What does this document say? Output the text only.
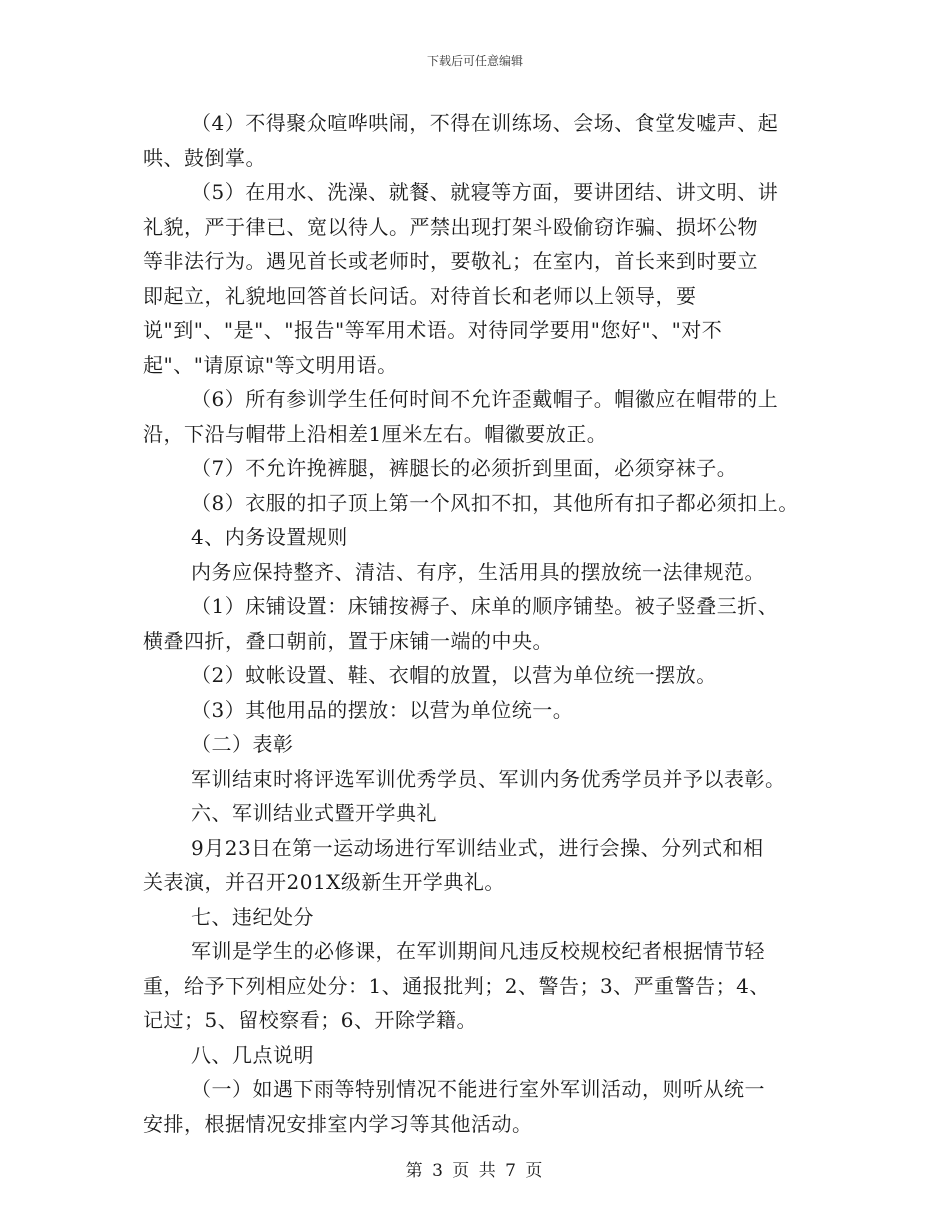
下载后可任意编辑
（4）不得聚众喧哗哄闹，不得在训练场、会场、食堂发嘘声、起
哄、鼓倒掌。
（5）在用水、洗澡、就餐、就寝等方面，要讲团结、讲文明、讲
礼貌，严于律已、宽以待人。严禁出现打架斗殴偷窃诈骗、损坏公物
等非法行为。遇见首长或老师时，要敬礼；在室内，首长来到时要立
即起立，礼貌地回答首长问话。对待首长和老师以上领导，要
说"到"、"是"、"报告"等军用术语。对待同学要用"您好"、"对不
起"、"请原谅"等文明用语。
（6）所有参训学生任何时间不允许歪戴帽子。帽徽应在帽带的上
沿，下沿与帽带上沿相差1厘米左右。帽徽要放正。
（7）不允许挽裤腿，裤腿长的必须折到里面，必须穿袜子。
（8）衣服的扣子顶上第一个风扣不扣，其他所有扣子都必须扣上。
4、内务设置规则
内务应保持整齐、清洁、有序，生活用具的摆放统一法律规范。
（1）床铺设置：床铺按褥子、床单的顺序铺垫。被子竖叠三折、
横叠四折，叠口朝前，置于床铺一端的中央。
（2）蚊帐设置、鞋、衣帽的放置，以营为单位统一摆放。
（3）其他用品的摆放：以营为单位统一。
（二）表彰
军训结束时将评选军训优秀学员、军训内务优秀学员并予以表彰。
六、军训结业式暨开学典礼
9月23日在第一运动场进行军训结业式，进行会操、分列式和相
关表演，并召开201X级新生开学典礼。
七、违纪处分
军训是学生的必修课，在军训期间凡违反校规校纪者根据情节轻
重，给予下列相应处分：1、通报批判；2、警告；3、严重警告；4、
记过；5、留校察看；6、开除学籍。
八、几点说明
（一）如遇下雨等特别情况不能进行室外军训活动，则听从统一
安排，根据情况安排室内学习等其他活动。
第 3 页 共 7 页
